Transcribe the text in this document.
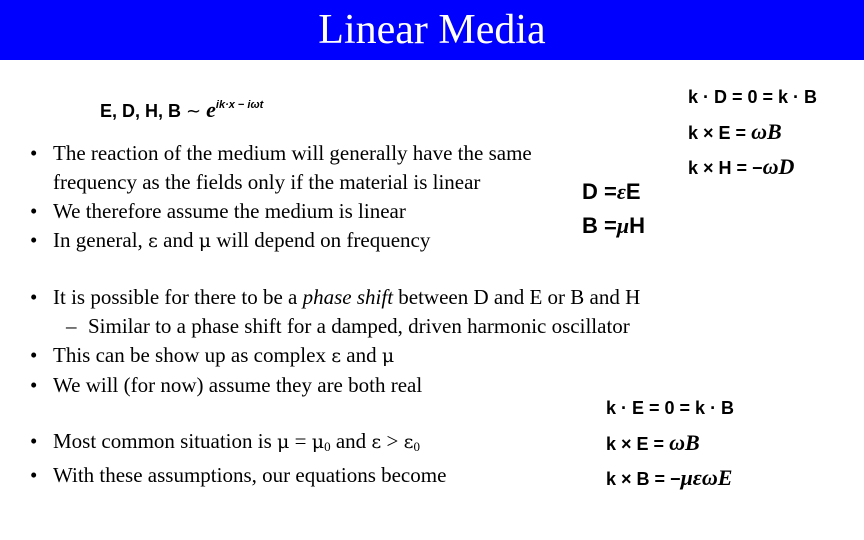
Linear Media
E, D, H, B ~ $e^{ik\cdot x - i\omega t}$	k · D = 0 = k · B
k × E = ωB
k × H = −ωD
D =εE
B =μH
• The reaction of the medium will generally have the same
frequency as the fields only if the material is linear
• We therefore assume the medium is linear
• In general, ε and μ will depend on frequency
• It is possible for there to be a phase shift between D and E or B and H
– Similar to a phase shift for a damped, driven harmonic oscillator
• This can be show up as complex ε and μ
• We will (for now) assume they are both real
• Most common situation is $\mu = \mu_0$ and $\varepsilon > \varepsilon_0$
• With these assumptions, our equations become
k · E = 0 = k · B
k × E = ωB
k × B = −μεωE
